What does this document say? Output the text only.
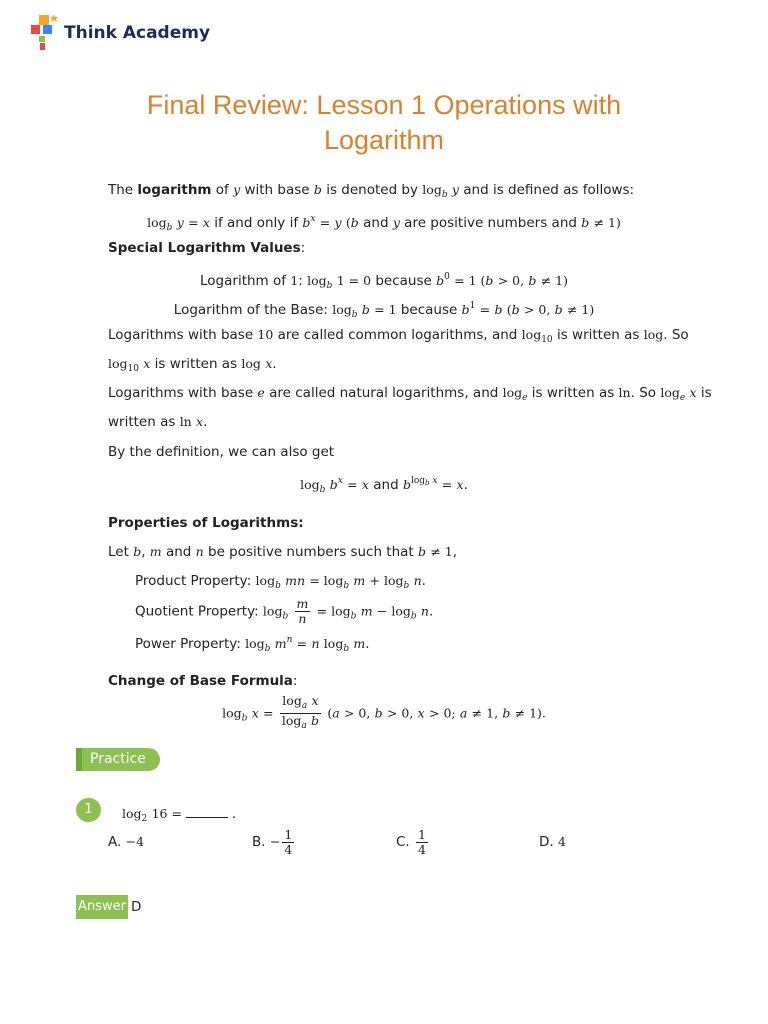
Think Academy
Final Review: Lesson 1 Operations with
Logarithm
The logarithm of y with base b is denoted by $\log_b y$ and is defined as follows:
$\log_b y = x$ if and only if $b^x = y$ (b and y are positive numbers and b ≠ 1)
Special Logarithm Values:
Logarithm of 1: $\log_b 1 = 0$ because $b^0 = 1$ (b > 0, b ≠ 1)
Logarithm of the Base: $\log_b b = 1$ because $b^1 = b$ (b > 0, b ≠ 1)
Logarithms with base 10 are called common logarithms, and $\log_{10}$ is written as log. So
$\log_{10} x$ is written as log x.
Logarithms with base e are called natural logarithms, and $\log_e$ is written as ln. So $\log_e x$ is
written as ln x.
By the definition, we can also get
$\log_b b^x = x$ and $b^{logb}$ $^x$ = x.
Properties of Logarithms:
Let b, m and n be positive numbers such that b ≠ 1,
Product Property: $\log_b$ mn = $\log_b m + \log_b n$.
Quotient Property: $\log_b \frac{m}{n} = \log_b m - \log_b n$.
Power Property: $\log_b m^n = n$ $\log_b m$.
Change of Base Formula:
$\log_b x = \frac{\log_a x}{\log_a b} (a > 0$, b > 0, x > 0; a ≠ 1, b ≠ 1).
Practice
1	$\log_2 16$ =	.
A. −4	B. − $\frac{1}{4}$	C. $\frac{1}{4}$	D. 4
Answer D
